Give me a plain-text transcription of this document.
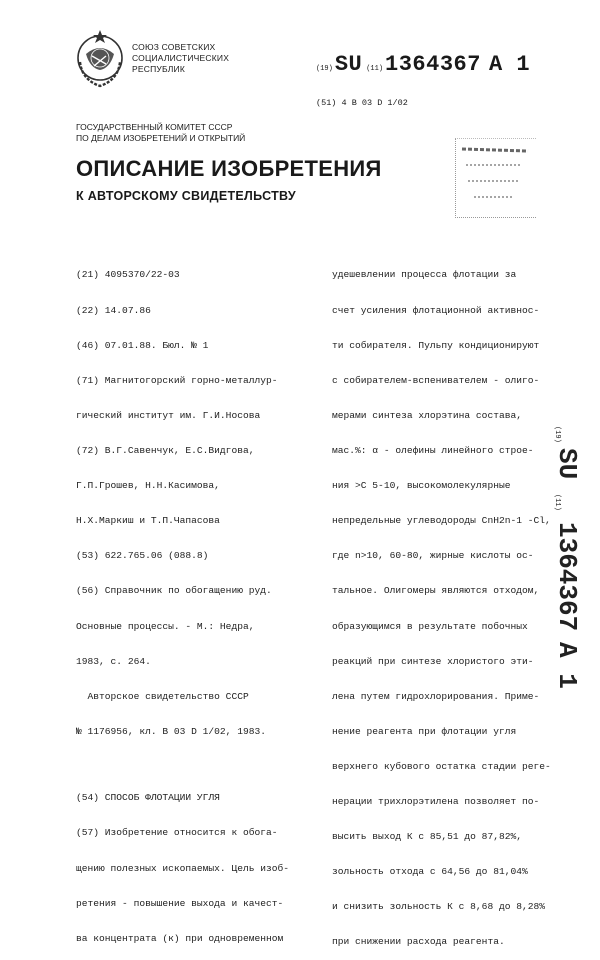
СОЮЗ СОВЕТСКИХ
СОЦИАЛИСТИЧЕСКИХ
РЕСПУБЛИК	(19)SU (11)1364367 A 1
(51) 4 В 03 D 1/02
ГОСУДАРСТВЕННЫЙ КОМИТЕТ СССР
ПО ДЕЛАМ ИЗОБРЕТЕНИЙ И ОТКРЫТИЙ
ОПИСАНИЕ ИЗОБРЕТЕНИЯ
К АВТОРСКОМУ СВИДЕТЕЛЬСТВУ

(21) 4095370/22-03

(22) 14.07.86

(46) 07.01.88. Бюл. № 1

(71) Магнитогорский горно-металлур-

гический институт им. Г.И.Носова

(72) В.Г.Савенчук, Е.С.Видгова,

Г.П.Грошев, Н.Н.Касимова,

Н.Х.Маркиш и Т.П.Чапасова

(53) 622.765.06 (088.8)

(56) Справочник по обогащению руд.

Основные процессы. - М.: Недра,

1983, с. 264.

Авторское свидетельство СССР

№ 1176956, кл. В 03 D 1/02, 1983.

(54) СПОСОБ ФЛОТАЦИИ УГЛЯ

(57) Изобретение относится к обога-

щению полезных ископаемых. Цель изоб-

ретения - повышение выхода и качест-

ва концентрата (к) при одновременном

удешевлении процесса флотации за

счет усиления флотационной активнос-

ти собирателя. Пульпу кондиционируют

с собирателем-вспенивателем - олиго-

мерами синтеза хлорэтина состава,

мас.%: α - олефины линейного строе-

ния >C 5-10, высокомолекулярные

непредельные углеводороды CnH2n-1 -Cl,

где n>10, 60-80, жирные кислоты ос-

тальное. Олигомеры являются отходом,

образующимся в результате побочных

реакций при синтезе хлористого эти-

лена путем гидрохлорирования. Приме-

нение реагента при флотации угля

верхнего кубового остатка стадии реге-

нерации трихлорэтилена позволяет по-

высить выход К с 85,51 до 87,82%,

зольность отхода с 64,56 до 81,04%

и снизить зольность К с 8,68 до 8,28%

при снижении расхода реагента.

(19)
SU
(11)
1364367
A 1
